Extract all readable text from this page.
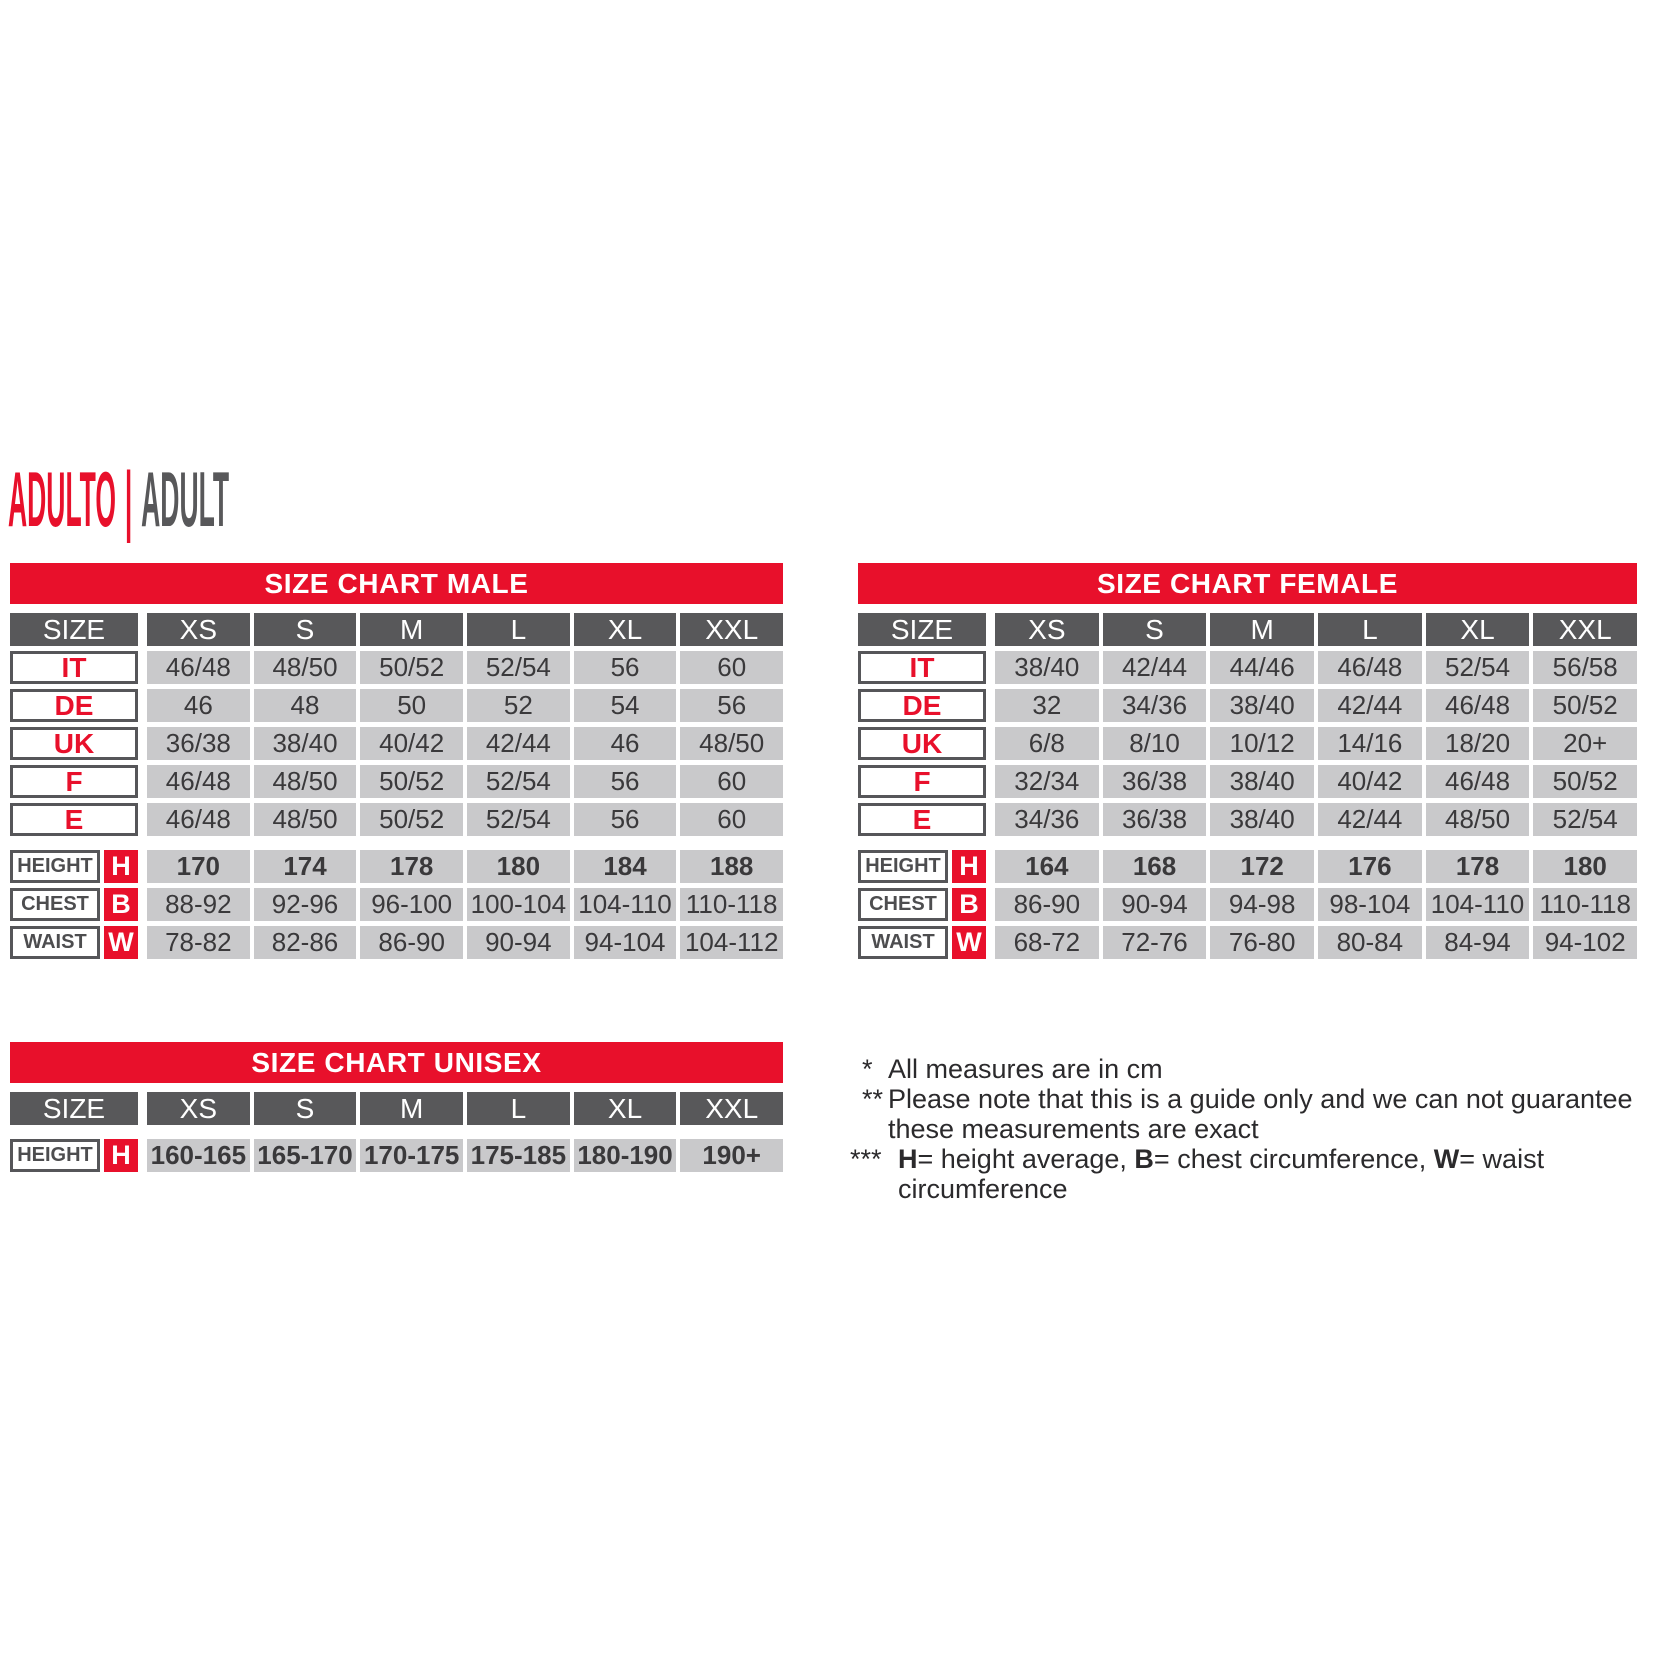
ADULTO | ADULT
SIZE CHART MALE
SIZE	XS	S	M	L	XL	XXL
IT	46/48	48/50	50/52	52/54	56	60
DE	46	48	50	52	54	56
UK	36/38	38/40	40/42	42/44	46	48/50
F	46/48	48/50	50/52	52/54	56	60
E	46/48	48/50	50/52	52/54	56	60
HEIGHT H	170	174	178	180	184	188
CHEST B	88-92	92-96	96-100 100-104 104-110 110-118
WAIST W	78-82	82-86	86-90	90-94	94-104 104-112
SIZE CHART FEMALE
SIZE	XS	S	M	L	XL	XXL
IT	38/40	42/44	44/46	46/48	52/54	56/58
DE	32	34/36	38/40	42/44	46/48	50/52
UK	6/8	8/10	10/12	14/16	18/20	20+
F	32/34	36/38	38/40	40/42	46/48	50/52
E	34/36	36/38	38/40	42/44	48/50	52/54
HEIGHT H	164	168	172	176	178	180
CHEST B	86-90	90-94	94-98	98-104 104-110 110-118
WAIST W	68-72	72-76	76-80	80-84	84-94	94-102
SIZE CHART UNISEX
SIZE	XS	S	M	L	XL	XXL
HEIGHT H 160-165 165-170 170-175 175-185 180-190	190+
* All measures are in cm
** Please note that this is a guide only and we can not guarantee
these measurements are exact
*** H= height average, B= chest circumference, W= waist circumference
